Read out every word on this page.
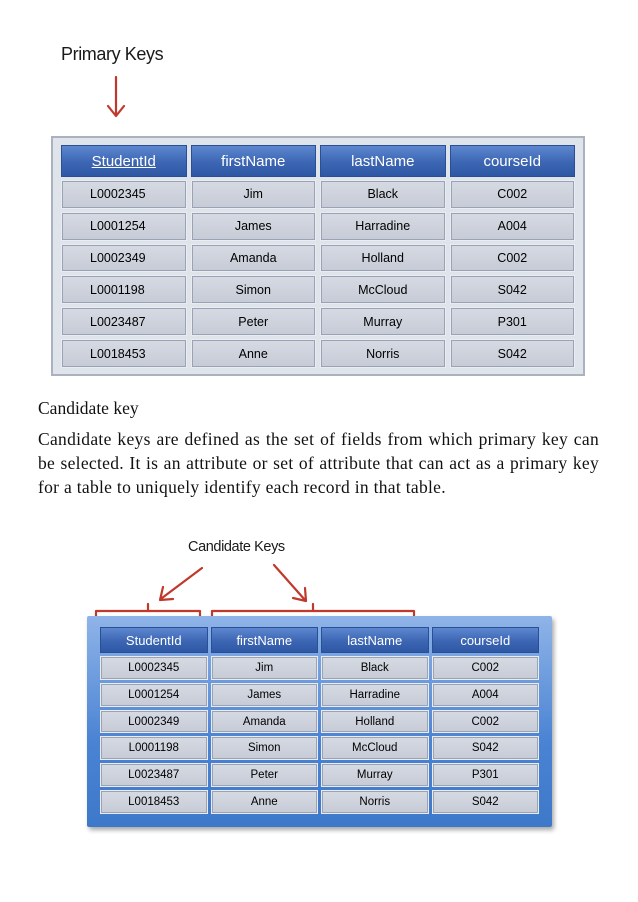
Primary Keys
StudentId	firstName	lastName	courseId
L0002345	Jim	Black	C002
L0001254	James	Harradine	A004
L0002349	Amanda	Holland	C002
L0001198	Simon	McCloud	S042
L0023487	Peter	Murray	P301
L0018453	Anne	Norris	S042
Candidate key
Candidate keys are defined as the set of fields from which primary key can be selected. It is an attribute or set of attribute that can act as a primary key for a table to uniquely identify each record in that table.
Candidate Keys
StudentId	firstName	lastName	courseId
L0002345	Jim	Black	C002
L0001254	James	Harradine	A004
L0002349	Amanda	Holland	C002
L0001198	Simon	McCloud	S042
L0023487	Peter	Murray	P301
L0018453	Anne	Norris	S042
